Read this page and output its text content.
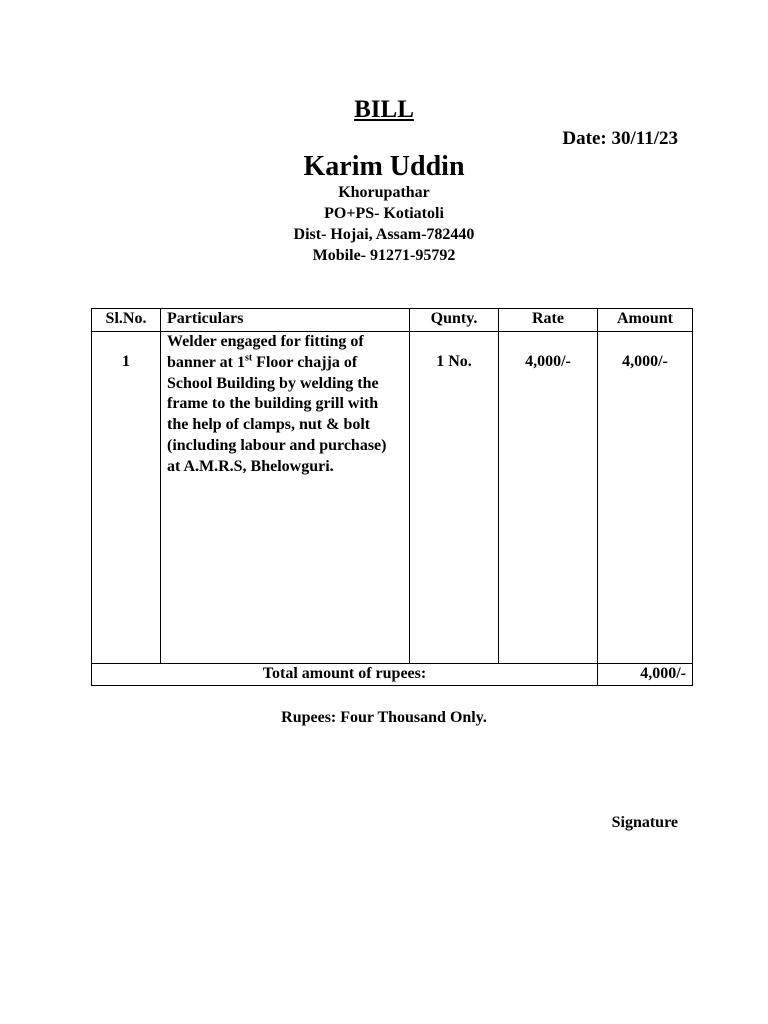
BILL
Date: 30/11/23
Karim Uddin
Khorupathar
PO+PS- Kotiatoli
Dist- Hojai, Assam-782440
Mobile- 91271-95792
Sl.No.	Particulars	Qunty.	Rate	Amount
1	Welder engaged for fitting of banner at 1st Floor chajja of School Building by welding the frame to the building grill with the help of clamps, nut & bolt (including labour and purchase) at A.M.R.S, Bhelowguri.	1 No.	4,000/-	4,000/-
Total amount of rupees:				4,000/-
Rupees: Four Thousand Only.
Signature
